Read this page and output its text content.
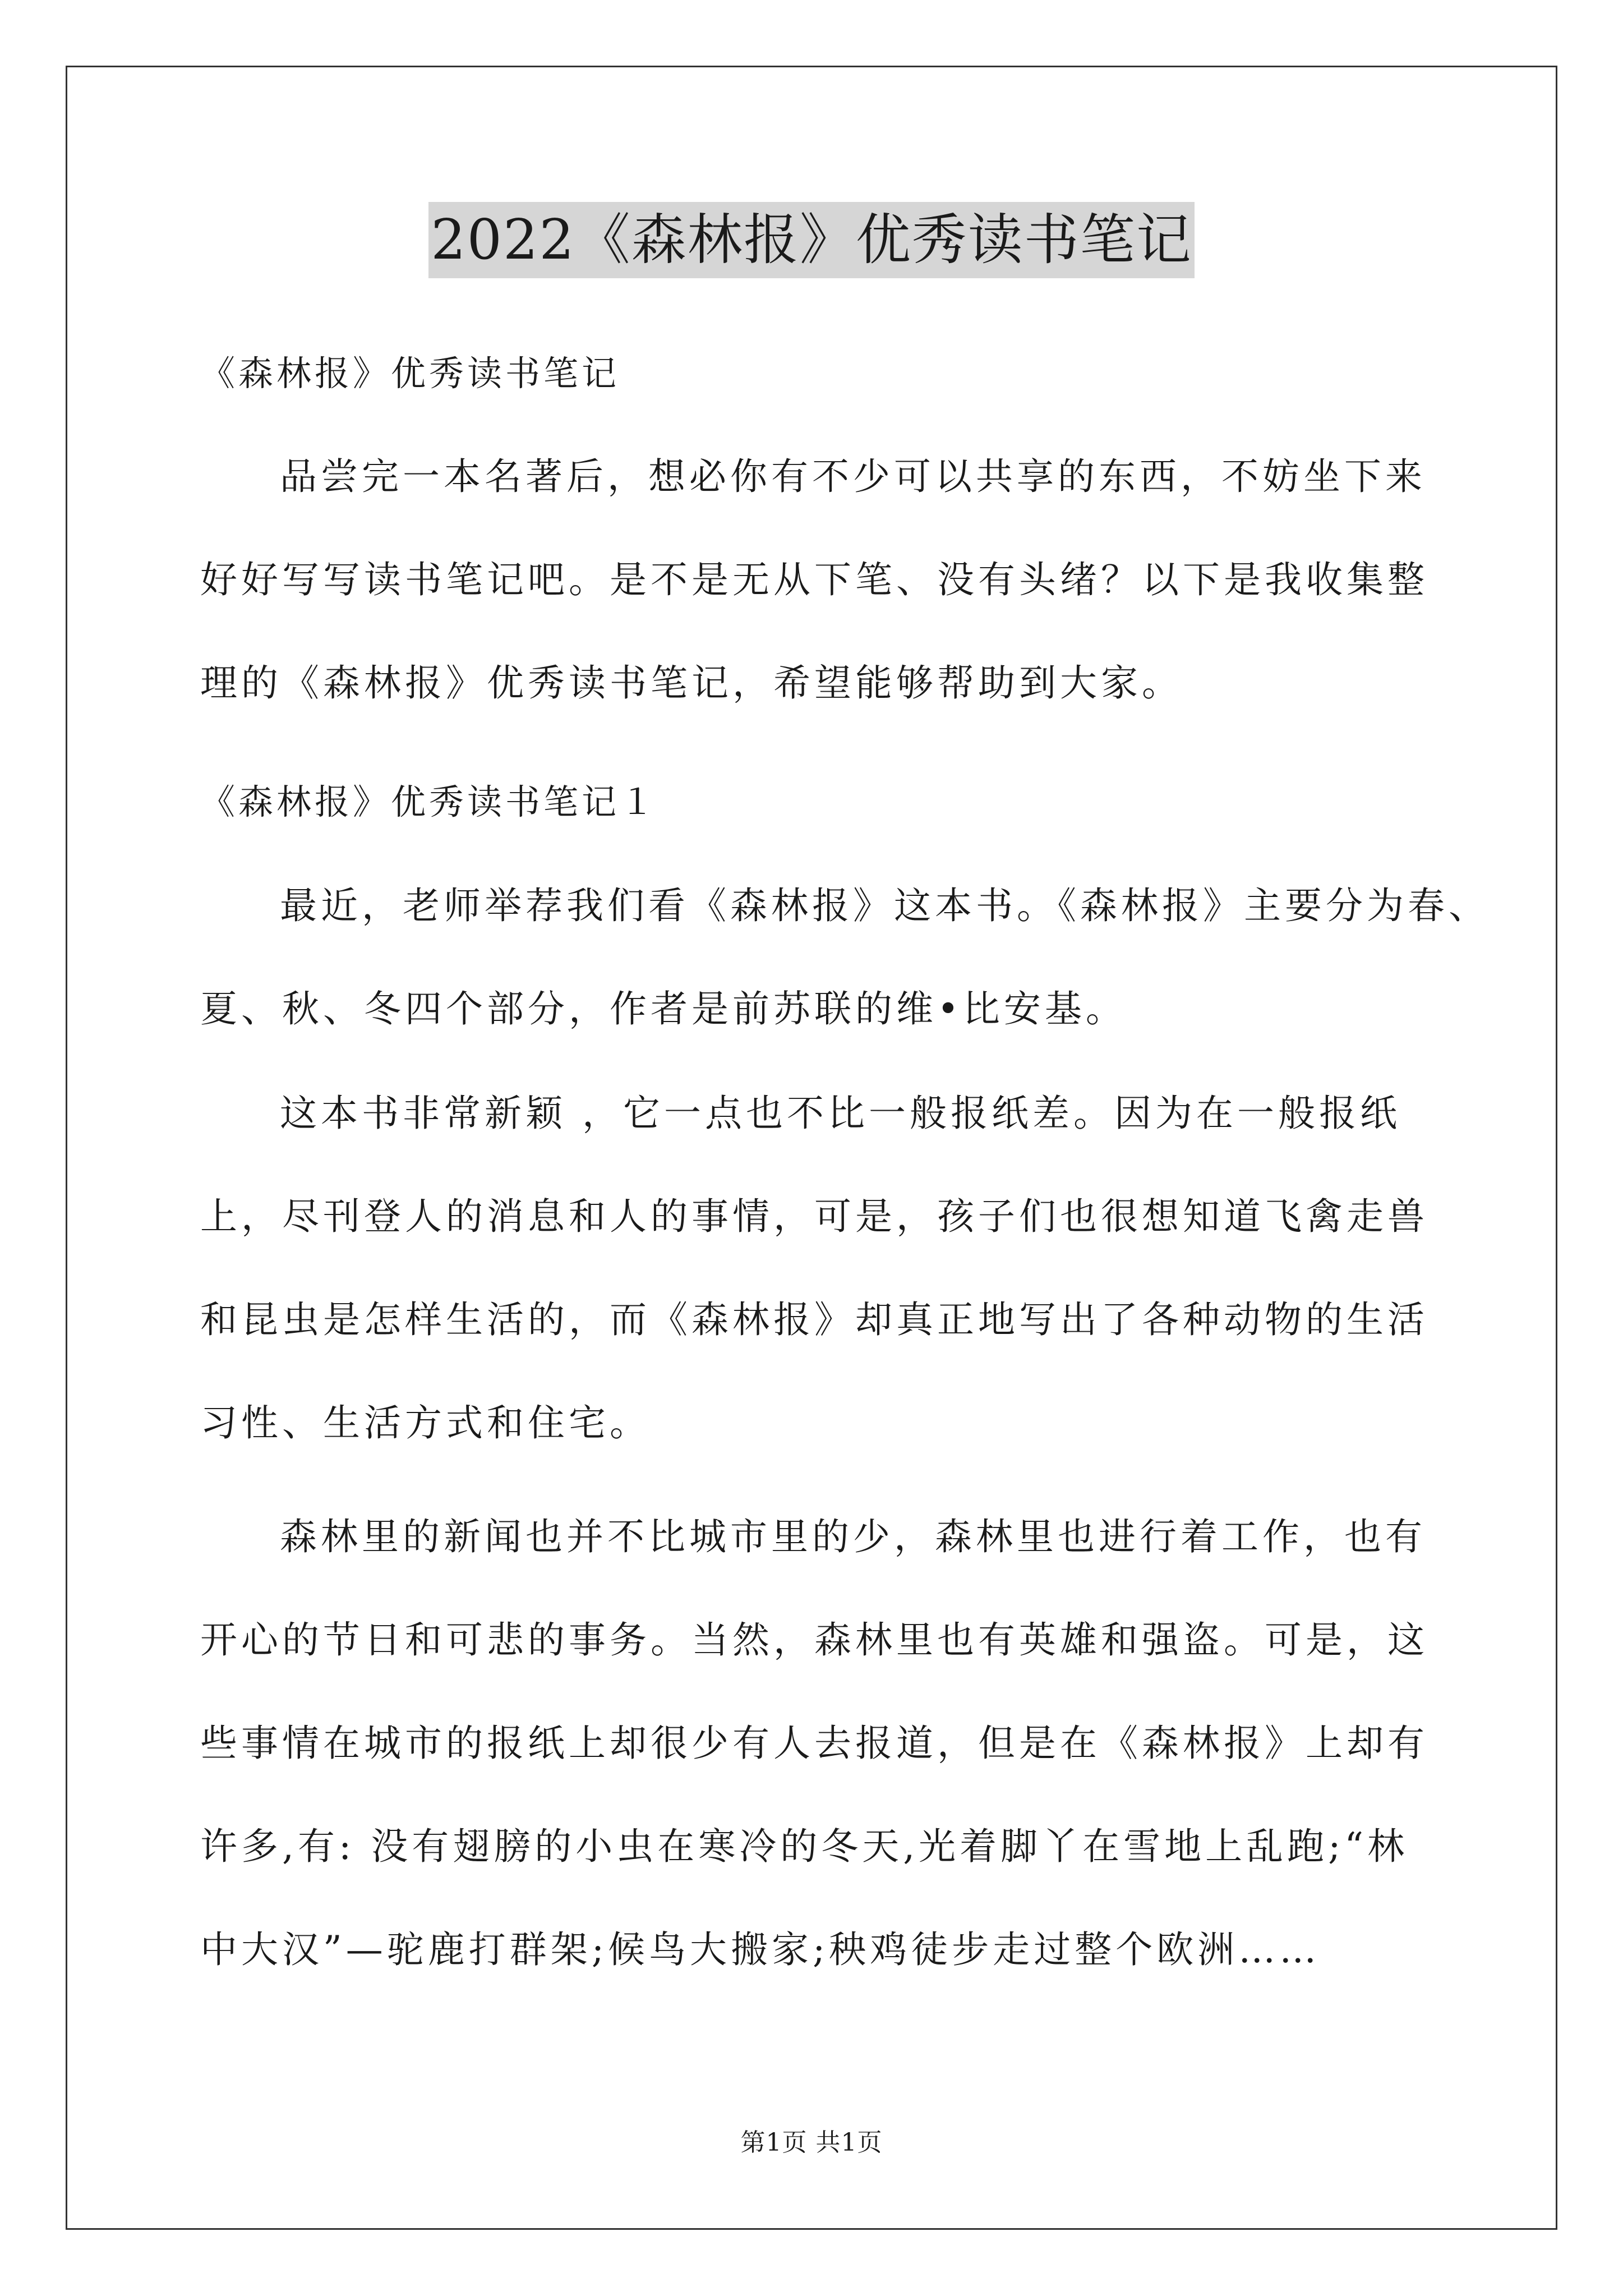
2022《森林报》优秀读书笔记
《森林报》优秀读书笔记
品尝完一本名著后，想必你有不少可以共享的东西，不妨坐下来
好好写写读书笔记吧。是不是无从下笔、没有头绪？以下是我收集整
理的《森林报》优秀读书笔记，希望能够帮助到大家。
《森林报》优秀读书笔记１
最近，老师举荐我们看《森林报》这本书。《森林报》主要分为春、
夏、秋、冬四个部分，作者是前苏联的维•比安基。
这本书非常新颖 ，它一点也不比一般报纸差。因为在一般报纸
上，尽刊登人的消息和人的事情，可是，孩子们也很想知道飞禽走兽
和昆虫是怎样生活的，而《森林报》却真正地写出了各种动物的生活
习性、生活方式和住宅。
森林里的新闻也并不比城市里的少，森林里也进行着工作，也有
开心的节日和可悲的事务。当然，森林里也有英雄和强盗。可是，这
些事情在城市的报纸上却很少有人去报道，但是在《森林报》上却有
许多,有: 没有翅膀的小虫在寒冷的冬天,光着脚丫在雪地上乱跑;“林
中大汉”—驼鹿打群架;候鸟大搬家;秧鸡徒步走过整个欧洲……
第1页 共1页
